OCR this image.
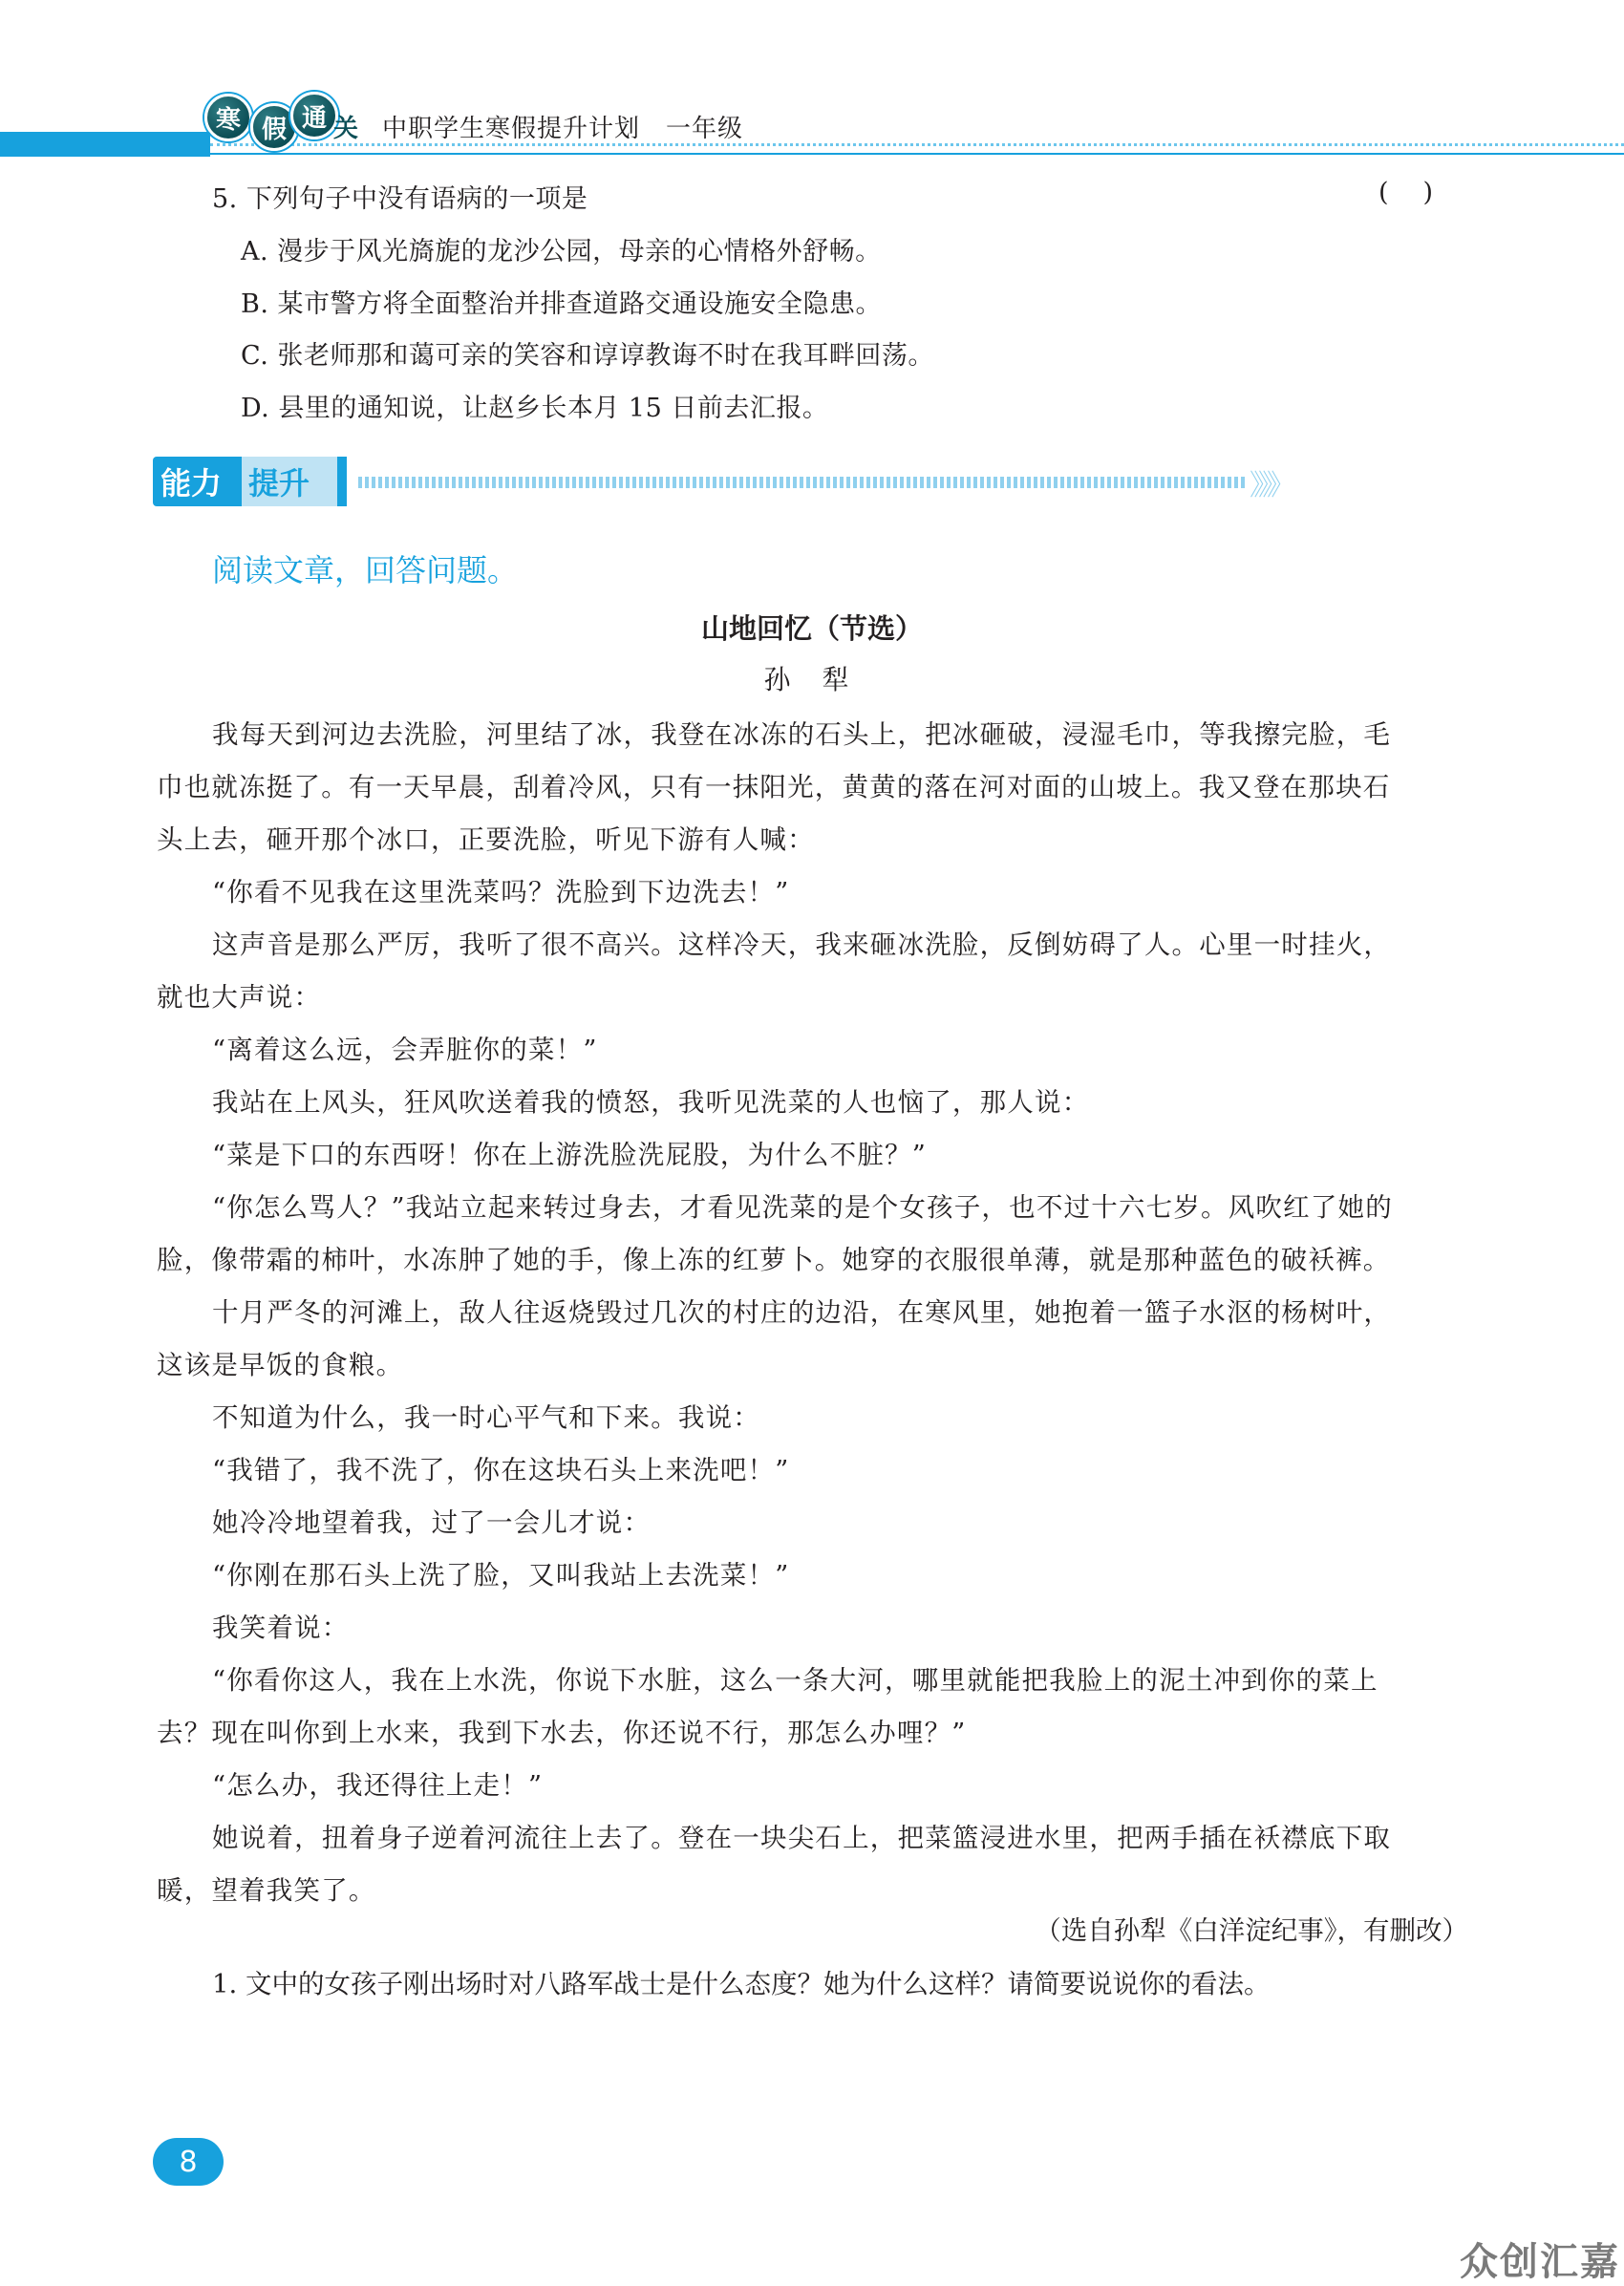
寒 假 通 关 中职学生寒假提升计划　一年级
5. 下列句子中没有语病的一项是	()
A. 漫步于风光旖旎的龙沙公园，母亲的心情格外舒畅。
B. 某市警方将全面整治并排查道路交通设施安全隐患。
C. 张老师那和蔼可亲的笑容和谆谆教诲不时在我耳畔回荡。
D. 县里的通知说，让赵乡长本月 15 日前去汇报。
能力 提升	》》》
阅读文章，回答问题。
山地回忆（节选）
孙 犁
我每天到河边去洗脸，河里结了冰，我登在冰冻的石头上，把冰砸破，浸湿毛巾，等我擦完脸，毛
巾也就冻挺了。有一天早晨，刮着冷风，只有一抹阳光，黄黄的落在河对面的山坡上。我又登在那块石
头上去，砸开那个冰口，正要洗脸，听见下游有人喊：
“你看不见我在这里洗菜吗？洗脸到下边洗去！”
这声音是那么严厉，我听了很不高兴。这样冷天，我来砸冰洗脸，反倒妨碍了人。心里一时挂火，
就也大声说：
“离着这么远，会弄脏你的菜！”
我站在上风头，狂风吹送着我的愤怒，我听见洗菜的人也恼了，那人说：
“菜是下口的东西呀！你在上游洗脸洗屁股，为什么不脏？”
“你怎么骂人？”我站立起来转过身去，才看见洗菜的是个女孩子，也不过十六七岁。风吹红了她的
脸，像带霜的柿叶，水冻肿了她的手，像上冻的红萝卜。她穿的衣服很单薄，就是那种蓝色的破袄裤。
十月严冬的河滩上，敌人往返烧毁过几次的村庄的边沿，在寒风里，她抱着一篮子水沤的杨树叶，
这该是早饭的食粮。
不知道为什么，我一时心平气和下来。我说：
“我错了，我不洗了，你在这块石头上来洗吧！”
她冷冷地望着我，过了一会儿才说：
“你刚在那石头上洗了脸，又叫我站上去洗菜！”
我笑着说：
“你看你这人，我在上水洗，你说下水脏，这么一条大河，哪里就能把我脸上的泥土冲到你的菜上
去？现在叫你到上水来，我到下水去，你还说不行，那怎么办哩？”
“怎么办，我还得往上走！”
她说着，扭着身子逆着河流往上去了。登在一块尖石上，把菜篮浸进水里，把两手插在袄襟底下取
暖，望着我笑了。
（选自孙犁《白洋淀纪事》，有删改）
1. 文中的女孩子刚出场时对八路军战士是什么态度？她为什么这样？请简要说说你的看法。
8
众创汇嘉
